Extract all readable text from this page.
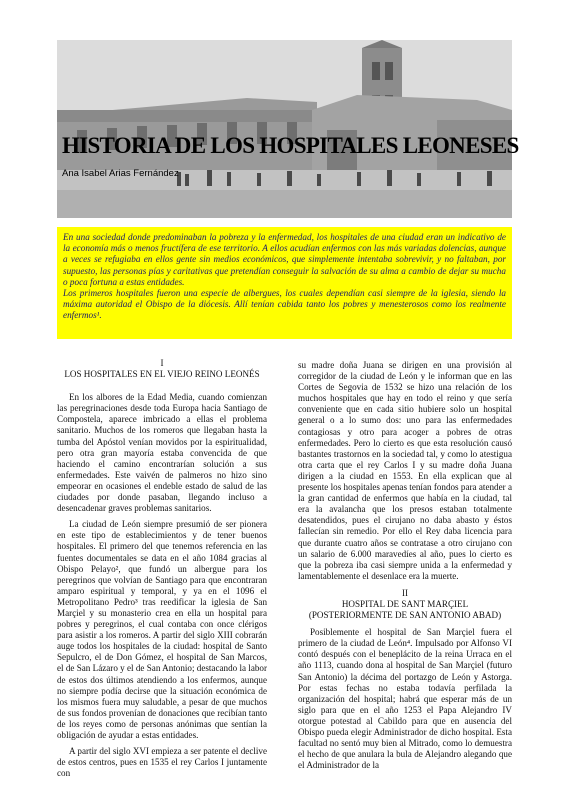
HISTORIA DE LOS HOSPITALES LEONESES
Ana Isabel Arias Fernández

En una sociedad donde predominaban la pobreza y la enfermedad, los hospitales de una ciudad eran un indicativo de la economía más o menos fructífera de ese territorio. A ellos acudían enfermos con las más variadas dolencias, aunque a veces se refugiaba en ellos gente sin medios económicos, que simplemente intentaba sobrevivir, y no faltaban, por supuesto, las personas pías y caritativas que pretendían conseguir la salvación de su alma a cambio de dejar su mucha o poca fortuna a estas entidades.

Los primeros hospitales fueron una especie de albergues, los cuales dependían casi siempre de la iglesia, siendo la máxima autoridad el Obispo de la diócesis. Allí tenían cabida tanto los pobres y menesterosos como los realmente enfermos¹.

I
LOS HOSPITALES EN EL VIEJO REINO LEONÉS

En los albores de la Edad Media, cuando comienzan las peregrinaciones desde toda Europa hacia Santiago de Compostela, aparece imbricado a ellas el problema sanitario. Muchos de los romeros que llegaban hasta la tumba del Apóstol venían movidos por la espiritualidad, pero otra gran mayoría estaba convencida de que haciendo el camino encontrarían solución a sus enfermedades. Este vaivén de palmeros no hizo sino empeorar en ocasiones el endeble estado de salud de las ciudades por donde pasaban, llegando incluso a desencadenar graves problemas sanitarios.

La ciudad de León siempre presumió de ser pionera en este tipo de establecimientos y de tener buenos hospitales. El primero del que tenemos referencia en las fuentes documentales se data en el año 1084 gracias al Obispo Pelayo², que fundó un albergue para los peregrinos que volvían de Santiago para que encontraran amparo espiritual y temporal, y ya en el 1096 el Metropolitano Pedro³ tras reedificar la iglesia de San Marçiel y su monasterio crea en ella un hospital para pobres y peregrinos, el cual contaba con once clérigos para asistir a los romeros. A partir del siglo XIII cobrarán auge todos los hospitales de la ciudad: hospital de Santo Sepulcro, el de Don Gómez, el hospital de San Marcos, el de San Lázaro y el de San Antonio; destacando la labor de estos dos últimos atendiendo a los enfermos, aunque no siempre podía decirse que la situación económica de los mismos fuera muy saludable, a pesar de que muchos de sus fondos provenían de donaciones que recibían tanto de los reyes como de personas anónimas que sentían la obligación de ayudar a estas entidades.

A partir del siglo XVI empieza a ser patente el declive de estos centros, pues en 1535 el rey Carlos I juntamente con

su madre doña Juana se dirigen en una provisión al corregidor de la ciudad de León y le informan que en las Cortes de Segovia de 1532 se hizo una relación de los muchos hospitales que hay en todo el reino y que sería conveniente que en cada sitio hubiere solo un hospital general o a lo sumo dos: uno para las enfermedades contagiosas y otro para acoger a pobres de otras enfermedades. Pero lo cierto es que esta resolución causó bastantes trastornos en la sociedad tal, y como lo atestigua otra carta que el rey Carlos I y su madre doña Juana dirigen a la ciudad en 1553. En ella explican que al presente los hospitales apenas tenían fondos para atender a la gran cantidad de enfermos que había en la ciudad, tal era la avalancha que los presos estaban totalmente desatendidos, pues el cirujano no daba abasto y éstos fallecían sin remedio. Por ello el Rey daba licencia para que durante cuatro años se contratase a otro cirujano con un salario de 6.000 maravedíes al año, pues lo cierto es que la pobreza iba casi siempre unida a la enfermedad y lamentablemente el desenlace era la muerte.

II
HOSPITAL DE SANT MARÇIEL
(POSTERIORMENTE DE SAN ANTONIO ABAD)

Posiblemente el hospital de San Marçiel fuera el primero de la ciudad de León⁴. Impulsado por Alfonso VI contó después con el beneplácito de la reina Urraca en el año 1113, cuando dona al hospital de San Marçiel (futuro San Antonio) la décima del portazgo de León y Astorga. Por estas fechas no estaba todavía perfilada la organización del hospital; habrá que esperar más de un siglo para que en el año 1253 el Papa Alejandro IV otorgue potestad al Cabildo para que en ausencia del Obispo pueda elegir Administrador de dicho hospital. Esta facultad no sentó muy bien al Mitrado, como lo demuestra el hecho de que anulara la bula de Alejandro alegando que el Administrador de la
